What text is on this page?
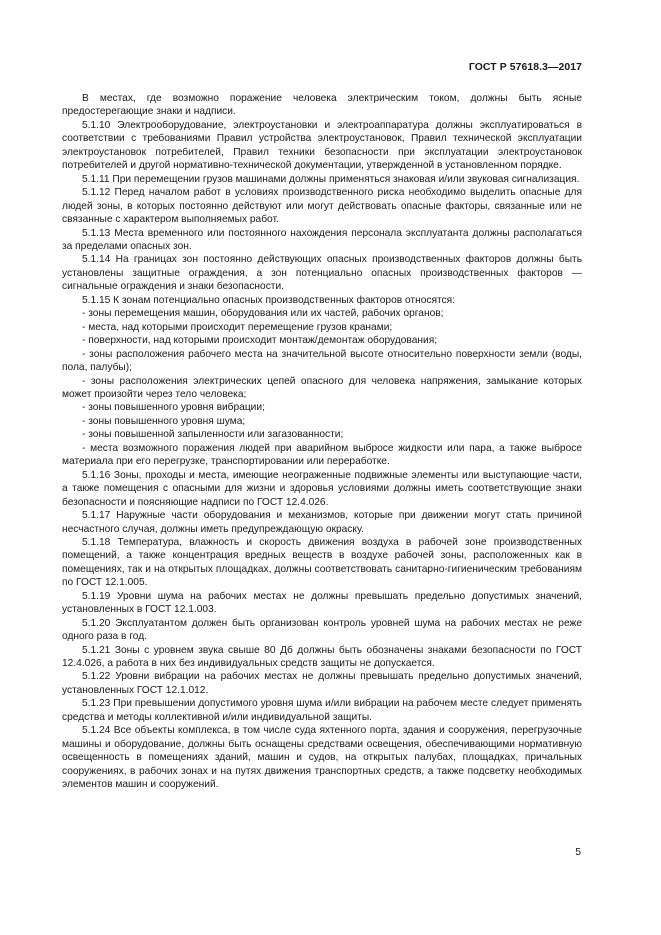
ГОСТ Р 57618.3—2017

В местах, где возможно поражение человека электрическим током, должны быть ясные предостерегающие знаки и надписи.

5.1.10 Электрооборудование, электроустановки и электроаппаратура должны эксплуатироваться в соответствии с требованиями Правил устройства электроустановок, Правил технической эксплуатации электроустановок потребителей, Правил техники безопасности при эксплуатации электроустановок потребителей и другой нормативно-технической документации, утвержденной в установленном порядке.

5.1.11 При перемещении грузов машинами должны применяться знаковая и/или звуковая сигнализация.

5.1.12 Перед началом работ в условиях производственного риска необходимо выделить опасные для людей зоны, в которых постоянно действуют или могут действовать опасные факторы, связанные или не связанные с характером выполняемых работ.

5.1.13 Места временного или постоянного нахождения персонала эксплуатанта должны располагаться за пределами опасных зон.

5.1.14 На границах зон постоянно действующих опасных производственных факторов должны быть установлены защитные ограждения, а зон потенциально опасных производственных факторов — сигнальные ограждения и знаки безопасности.

5.1.15 К зонам потенциально опасных производственных факторов относятся:

- зоны перемещения машин, оборудования или их частей, рабочих органов;

- места, над которыми происходит перемещение грузов кранами;

- поверхности, над которыми происходит монтаж/демонтаж оборудования;

- зоны расположения рабочего места на значительной высоте относительно поверхности земли (воды, пола, палубы);

- зоны расположения электрических цепей опасного для человека напряжения, замыкание которых может произойти через тело человека;

- зоны повышенного уровня вибрации;

- зоны повышенного уровня шума;

- зоны повышенной запыленности или загазованности;

- места возможного поражения людей при аварийном выбросе жидкости или пара, а также выбросе материала при его перегрузке, транспортировании или переработке.

5.1.16 Зоны, проходы и места, имеющие неограженные подвижные элементы или выступающие части, а также помещения с опасными для жизни и здоровья условиями должны иметь соответствующие знаки безопасности и поясняющие надписи по ГОСТ 12.4.026.

5.1.17 Наружные части оборудования и механизмов, которые при движении могут стать причиной несчастного случая, должны иметь предупреждающую окраску.

5.1.18 Температура, влажность и скорость движения воздуха в рабочей зоне производственных помещений, а также концентрация вредных веществ в воздухе рабочей зоны, расположенных как в помещениях, так и на открытых площадках, должны соответствовать санитарно-гигиеническим требованиям по ГОСТ 12.1.005.

5.1.19 Уровни шума на рабочих местах не должны превышать предельно допустимых значений, установленных в ГОСТ 12.1.003.

5.1.20 Эксплуатантом должен быть организован контроль уровней шума на рабочих местах не реже одного раза в год.

5.1.21 Зоны с уровнем звука свыше 80 Дб должны быть обозначены знаками безопасности по ГОСТ 12.4.026, а работа в них без индивидуальных средств защиты не допускается.

5.1.22 Уровни вибрации на рабочих местах не должны превышать предельно допустимых значений, установленных ГОСТ 12.1.012.

5.1.23 При превышении допустимого уровня шума и/или вибрации на рабочем месте следует применять средства и методы коллективной и/или индивидуальной защиты.

5.1.24 Все объекты комплекса, в том числе суда яхтенного порта, здания и сооружения, перегрузочные машины и оборудование, должны быть оснащены средствами освещения, обеспечивающими нормативную освещенность в помещениях зданий, машин и судов, на открытых палубах, площадках, причальных сооружениях, в рабочих зонах и на путях движения транспортных средств, а также подсветку необходимых элементов машин и сооружений.

5
